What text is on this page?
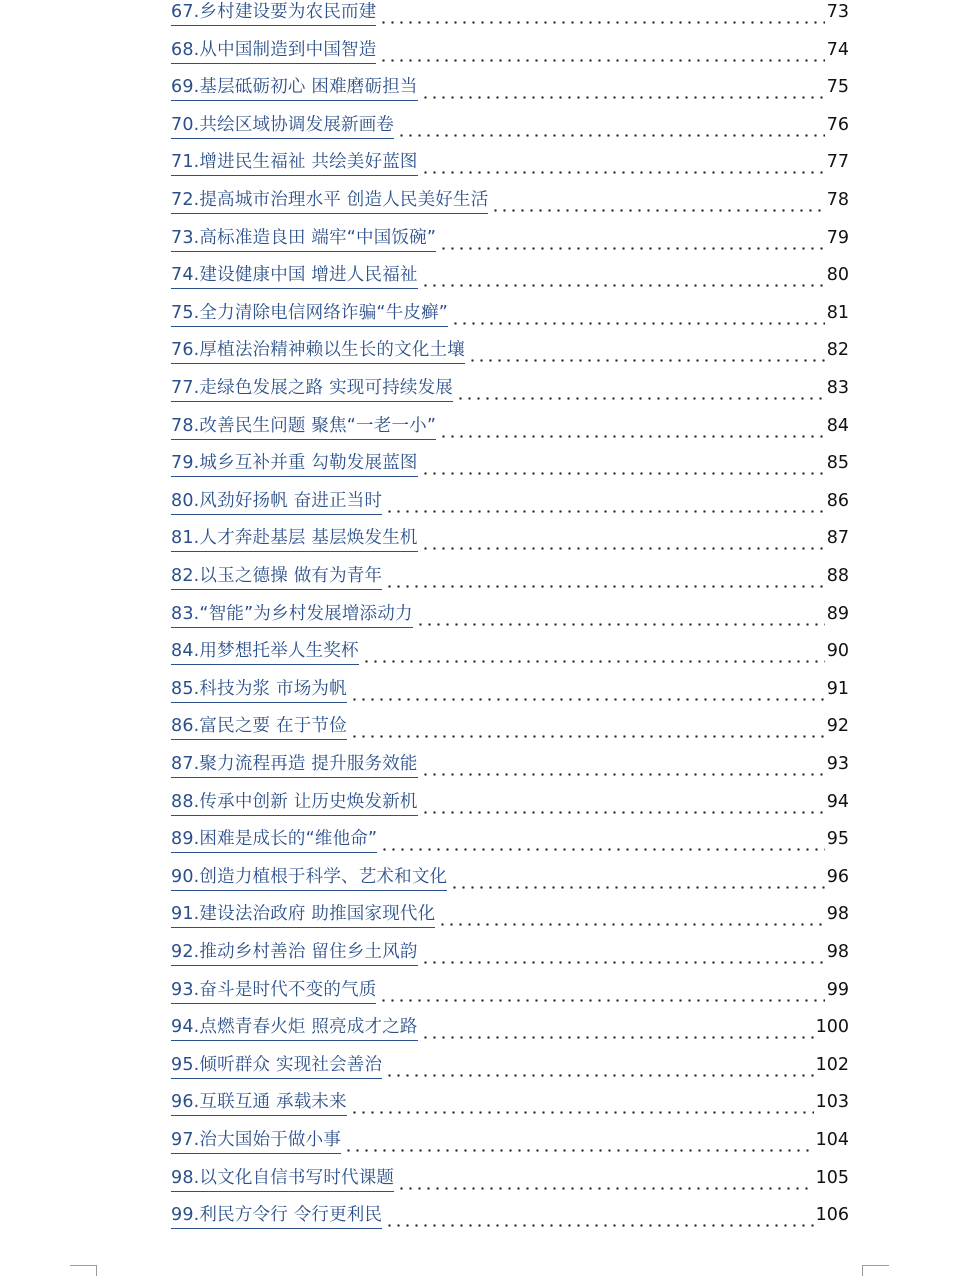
67.乡村建设要为农民而建	73
68.从中国制造到中国智造	74
69.基层砥砺初心 困难磨砺担当	75
70.共绘区域协调发展新画卷	76
71.增进民生福祉 共绘美好蓝图	77
72.提高城市治理水平 创造人民美好生活	78
73.高标准造良田 端牢“中国饭碗”	79
74.建设健康中国 增进人民福祉	80
75.全力清除电信网络诈骗“牛皮癣”	81
76.厚植法治精神赖以生长的文化土壤	82
77.走绿色发展之路 实现可持续发展	83
78.改善民生问题 聚焦“一老一小”	84
79.城乡互补并重 勾勒发展蓝图	85
80.风劲好扬帆 奋进正当时	86
81.人才奔赴基层 基层焕发生机	87
82.以玉之德操 做有为青年	88
83.“智能”为乡村发展增添动力	89
84.用梦想托举人生奖杯	90
85.科技为浆 市场为帆	91
86.富民之要 在于节俭	92
87.聚力流程再造 提升服务效能	93
88.传承中创新 让历史焕发新机	94
89.困难是成长的“维他命”	95
90.创造力植根于科学、艺术和文化	96
91.建设法治政府 助推国家现代化	98
92.推动乡村善治 留住乡土风韵	98
93.奋斗是时代不变的气质	99
94.点燃青春火炬 照亮成才之路	100
95.倾听群众 实现社会善治	102
96.互联互通 承载未来	103
97.治大国始于做小事	104
98.以文化自信书写时代课题	105
99.利民方令行 令行更利民	106
